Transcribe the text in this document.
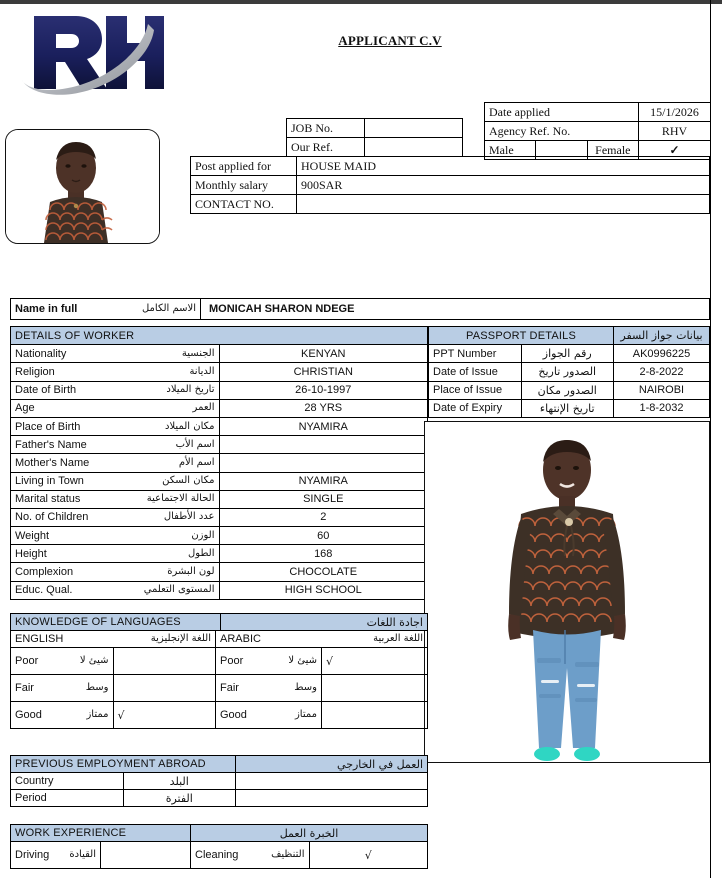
APPLICANT C.V
JOB No.	
Our Ref.	
Date applied			15/1/2026
Agency Ref. No.			RHV
Male		Female	✓
Post applied for	HOUSE MAID
Monthly salary	900SAR
CONTACT NO.	
Name in full	الاسم الكامل	MONICAH SHARON NDEGE
DETAILS OF WORKER	
Nationality الجنسية	KENYAN
Religion الديانة	CHRISTIAN
Date of Birth تاريخ الميلاد	26-10-1997
Age العمر	28 YRS
Place of Birth مكان الميلاد	NYAMIRA
Father's Name اسم الأب	

Mother's Name اسم الأم	

Living in Town مكان السكن	NYAMIRA
Marital status الحالة الاجتماعية	SINGLE
No. of Children عدد الأطفال	2
Weight الوزن	60
Height الطول	168
Complexion لون البشرة	CHOCOLATE
Educ. Qual. المستوى التعلمي	HIGH SCHOOL
PASSPORT DETAILS		بيانات جواز السفر
PPT Number	رقم الجواز	AK0996225
Date of Issue	الصدور تاريخ	2-8-2022
Place of Issue	الصدور مكان	NAIROBI
Date of Expiry	تاريخ الإنتهاء	1-8-2032
KNOWLEDGE OF LANGUAGES	اجادة اللغات
ENGLISH اللغة الإنجليزية		ARABIC اللغة العربية	

Poor شيئ لا		Poor شيئ لا	√
Fair وسط		Fair وسط	

Good ممتاز	√	Good ممتاز	

PREVIOUS EMPLOYMENT ABROAD		العمل في الخارجي
Country	البلد	
Period	الفترة	
WORK EXPERIENCE		الخبرة العمل	
Driving القيادة		Cleaning التنظيف	√
